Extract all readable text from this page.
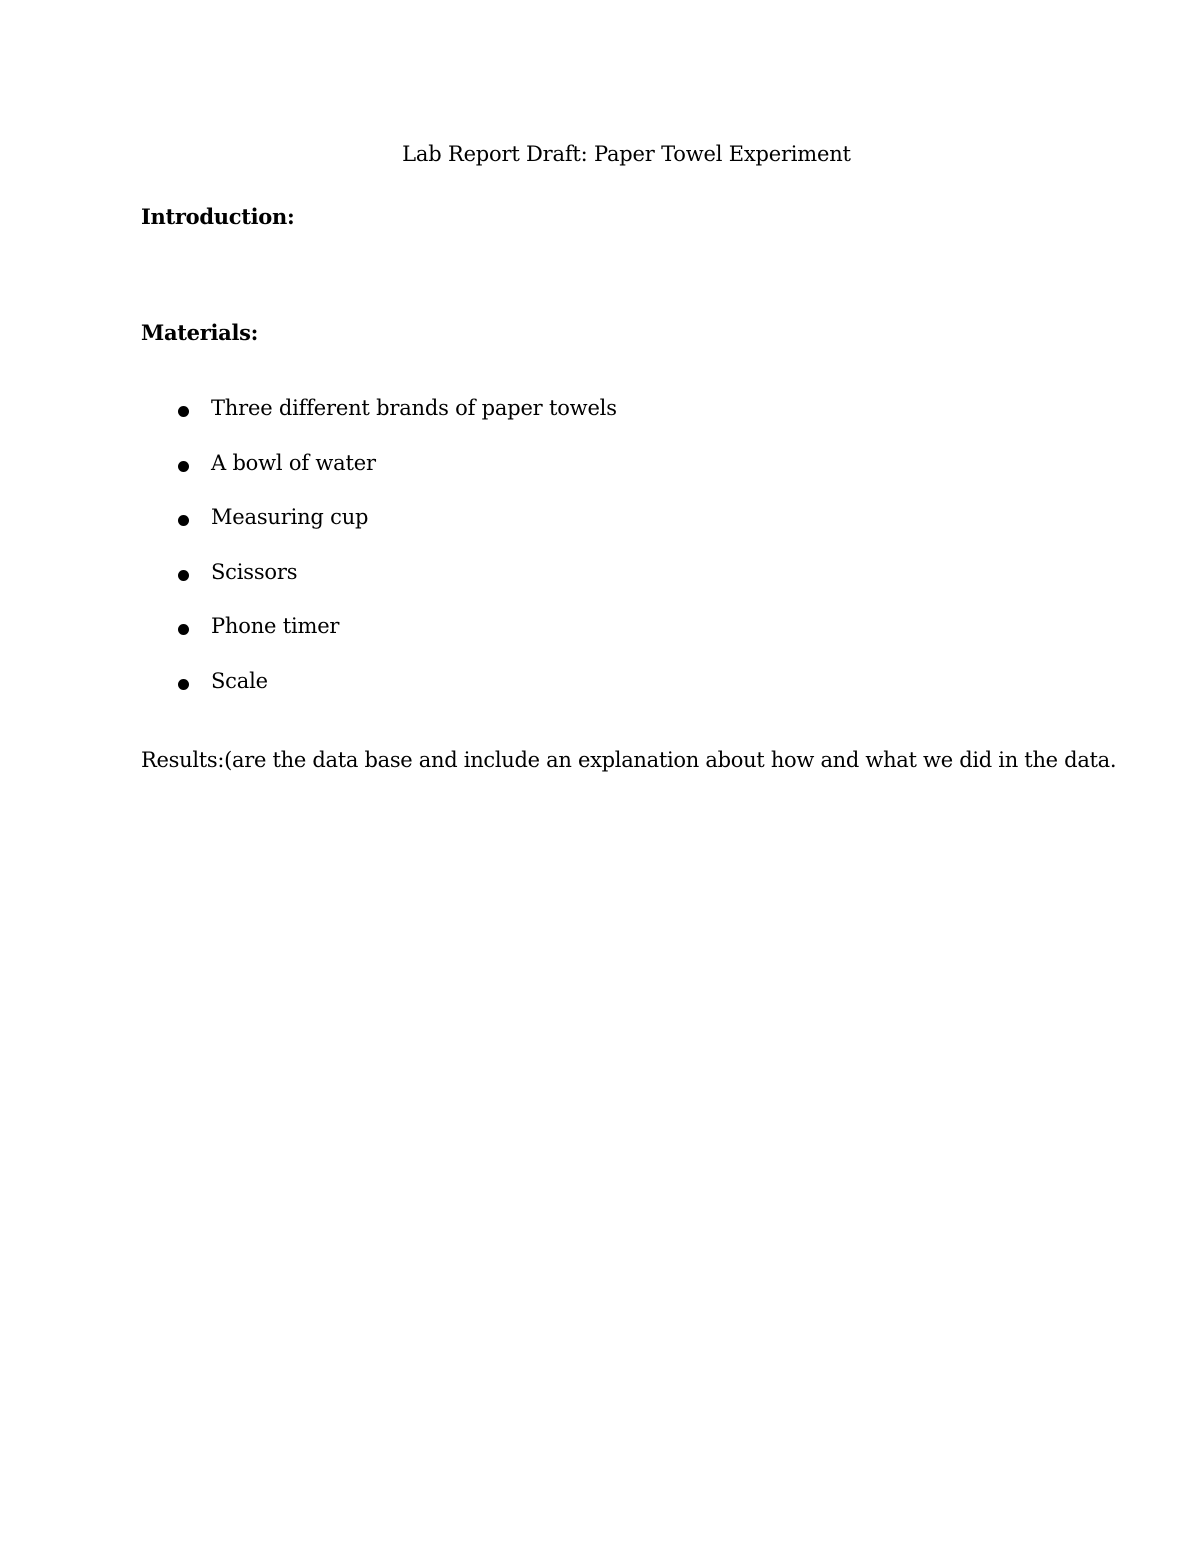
Lab Report Draft: Paper Towel Experiment
Introduction:
Materials:
Three different brands of paper towels
A bowl of water
Measuring cup
Scissors
Phone timer
Scale
Results:(are the data base and include an explanation about how and what we did in the data.
